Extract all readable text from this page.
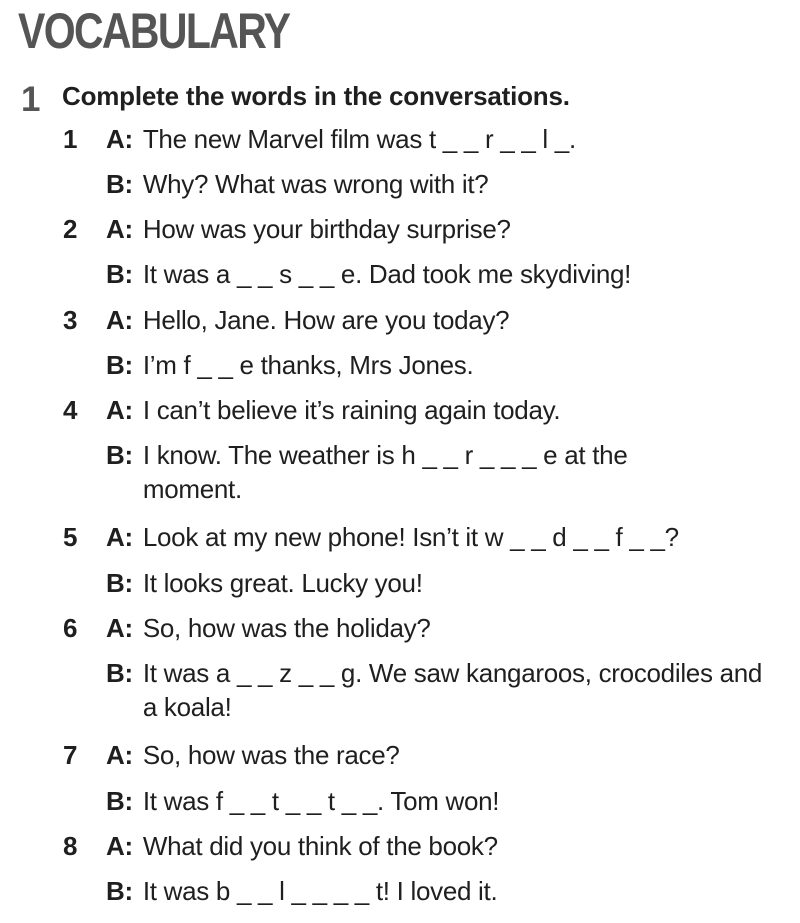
VOCABULARY
1 Complete the words in the conversations.
1 A: The new Marvel film was t _ _ r _ _ l _.
B: Why? What was wrong with it?
2 A: How was your birthday surprise?
B: It was a _ _ s _ _ e. Dad took me skydiving!
3 A: Hello, Jane. How are you today?
B: I’m f _ _ e thanks, Mrs Jones.
4 A: I can’t believe it’s raining again today.
B: I know. The weather is h _ _ r _ _ _ e at the moment.
5 A: Look at my new phone! Isn’t it w _ _ d _ _ f _ _?
B: It looks great. Lucky you!
6 A: So, how was the holiday?
B: It was a _ _ z _ _ g. We saw kangaroos, crocodiles and a koala!
7 A: So, how was the race?
B: It was f _ _ t _ _ t _ _. Tom won!
8 A: What did you think of the book?
B: It was b _ _ l _ _ _ _ t! I loved it.
